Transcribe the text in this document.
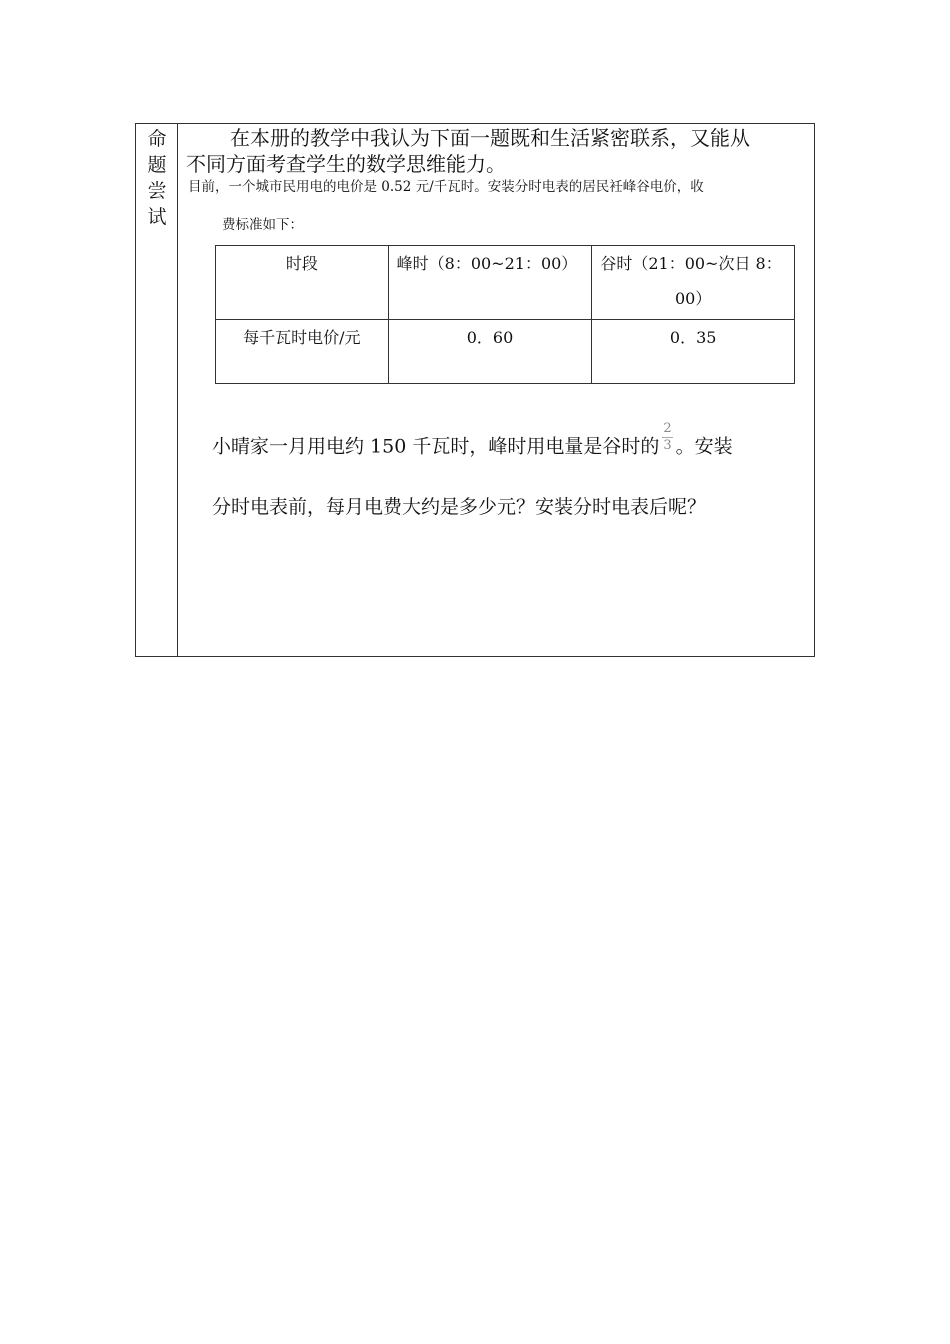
命
题
尝
试
在本册的教学中我认为下面一题既和生活紧密联系，又能从
不同方面考查学生的数学思维能力。
目前，一个城市民用电的电价是 0.52 元/千瓦时。安装分时电表的居民衽峰谷电价，收
费标准如下：
时段	峰时（8：00~21：00）	谷时（21：00~次日 8：

00）

每千瓦时电价/元	0．60	0．35
小晴家一月用电约 150 千瓦时，峰时用电量是谷时的 $\frac{2}{3}$ 。安装
分时电表前，每月电费大约是多少元？安装分时电表后呢？
